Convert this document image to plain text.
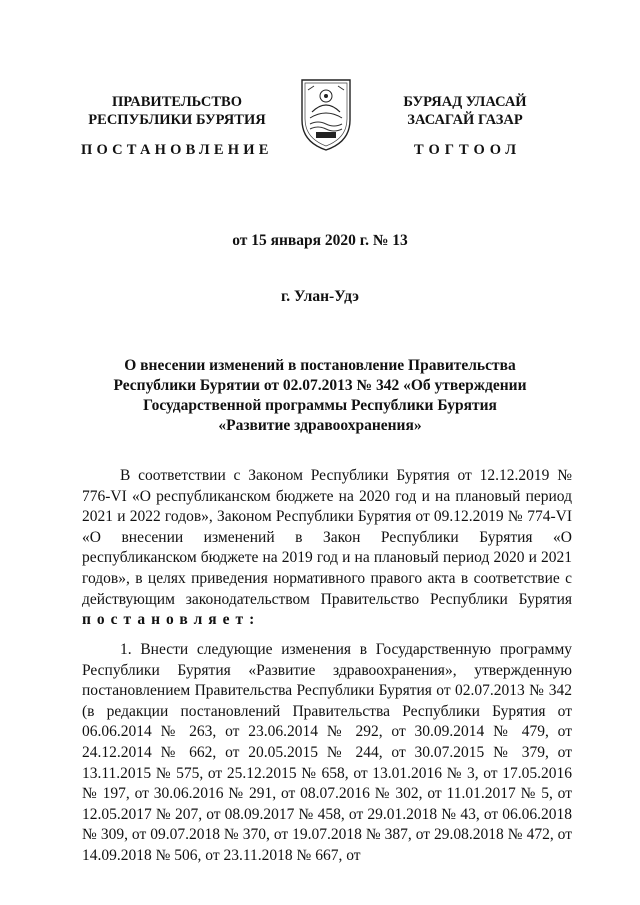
ПРАВИТЕЛЬСТВО
РЕСПУБЛИКИ БУРЯТИЯ
ПОСТАНОВЛЕНИЕ
БУРЯАД УЛАСАЙ
ЗАСАГАЙ ГАЗАР
ТОГТООЛ
от 15 января 2020 г. № 13
г. Улан-Удэ
О внесении изменений в постановление Правительства
Республики Бурятии от 02.07.2013 № 342 «Об утверждении
Государственной программы Республики Бурятия
«Развитие здравоохранения»

В соответствии с Законом Республики Бурятия от 12.12.2019 № 776-VI «О республиканском бюджете на 2020 год и на плановый период 2021 и 2022 годов», Законом Республики Бурятия от 09.12.2019 № 774-VI «О внесении изменений в Закон Республики Бурятия «О республиканском бюджете на 2019 год и на плановый период 2020 и 2021 годов», в целях приведения нормативного правого акта в соответствие с действующим законодательством Правительство Республики Бурятия постановляет:

1. Внести следующие изменения в Государственную программу Республики Бурятия «Развитие здравоохранения», утвержденную постановлением Правительства Республики Бурятия от 02.07.2013 № 342 (в редакции постановлений Правительства Республики Бурятия от 06.06.2014 № 263, от 23.06.2014 № 292, от 30.09.2014 № 479, от 24.12.2014 № 662, от 20.05.2015 № 244, от 30.07.2015 № 379, от 13.11.2015 № 575, от 25.12.2015 № 658, от 13.01.2016 № 3, от 17.05.2016 № 197, от 30.06.2016 № 291, от 08.07.2016 № 302, от 11.01.2017 № 5, от 12.05.2017 № 207, от 08.09.2017 № 458, от 29.01.2018 № 43, от 06.06.2018 № 309, от 09.07.2018 № 370, от 19.07.2018 № 387, от 29.08.2018 № 472, от 14.09.2018 № 506, от 23.11.2018 № 667, от
